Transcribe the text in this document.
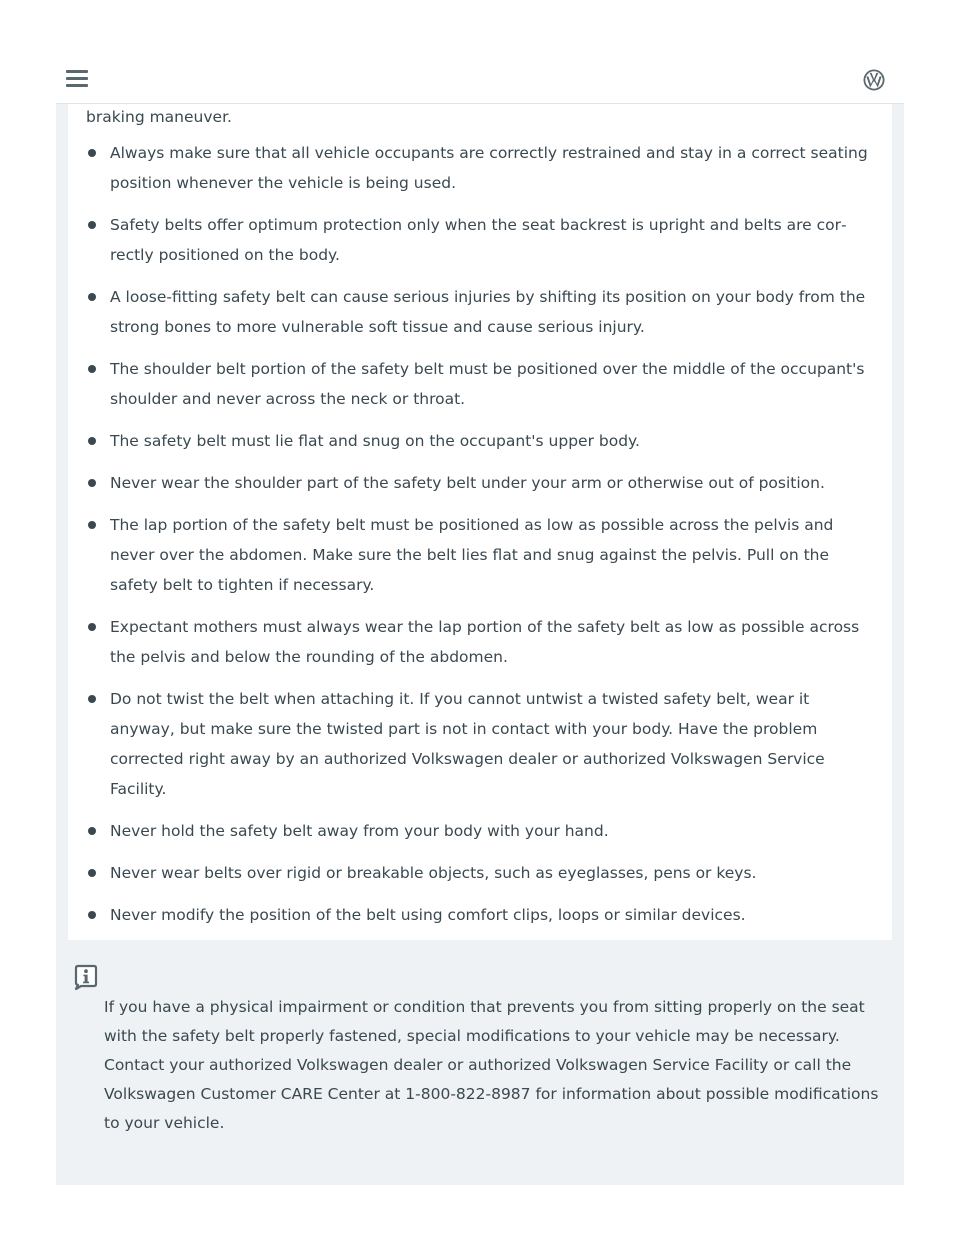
braking maneuver.
Always make sure that all vehicle occupants are correctly restrained and stay in a correct seating position whenever the vehicle is being used.
Safety belts offer optimum protection only when the seat backrest is upright and belts are correctly positioned on the body.
A loose-fitting safety belt can cause serious injuries by shifting its position on your body from the strong bones to more vulnerable soft tissue and cause serious injury.
The shoulder belt portion of the safety belt must be positioned over the middle of the occupant's shoulder and never across the neck or throat.
The safety belt must lie flat and snug on the occupant's upper body.
Never wear the shoulder part of the safety belt under your arm or otherwise out of position.
The lap portion of the safety belt must be positioned as low as possible across the pelvis and never over the abdomen. Make sure the belt lies flat and snug against the pelvis. Pull on the safety belt to tighten if necessary.
Expectant mothers must always wear the lap portion of the safety belt as low as possible across the pelvis and below the rounding of the abdomen.
Do not twist the belt when attaching it. If you cannot untwist a twisted safety belt, wear it anyway, but make sure the twisted part is not in contact with your body. Have the problem corrected right away by an authorized Volkswagen dealer or authorized Volkswagen Service Facility.
Never hold the safety belt away from your body with your hand.
Never wear belts over rigid or breakable objects, such as eyeglasses, pens or keys.
Never modify the position of the belt using comfort clips, loops or similar devices.

If you have a physical impairment or condition that prevents you from sitting properly on the seat with the safety belt properly fastened, special modifications to your vehicle may be necessary. Contact your authorized Volkswagen dealer or authorized Volkswagen Service Facility or call the Volkswagen Customer CARE Center at 1-800-822-8987 for information about possible modifications to your vehicle.
